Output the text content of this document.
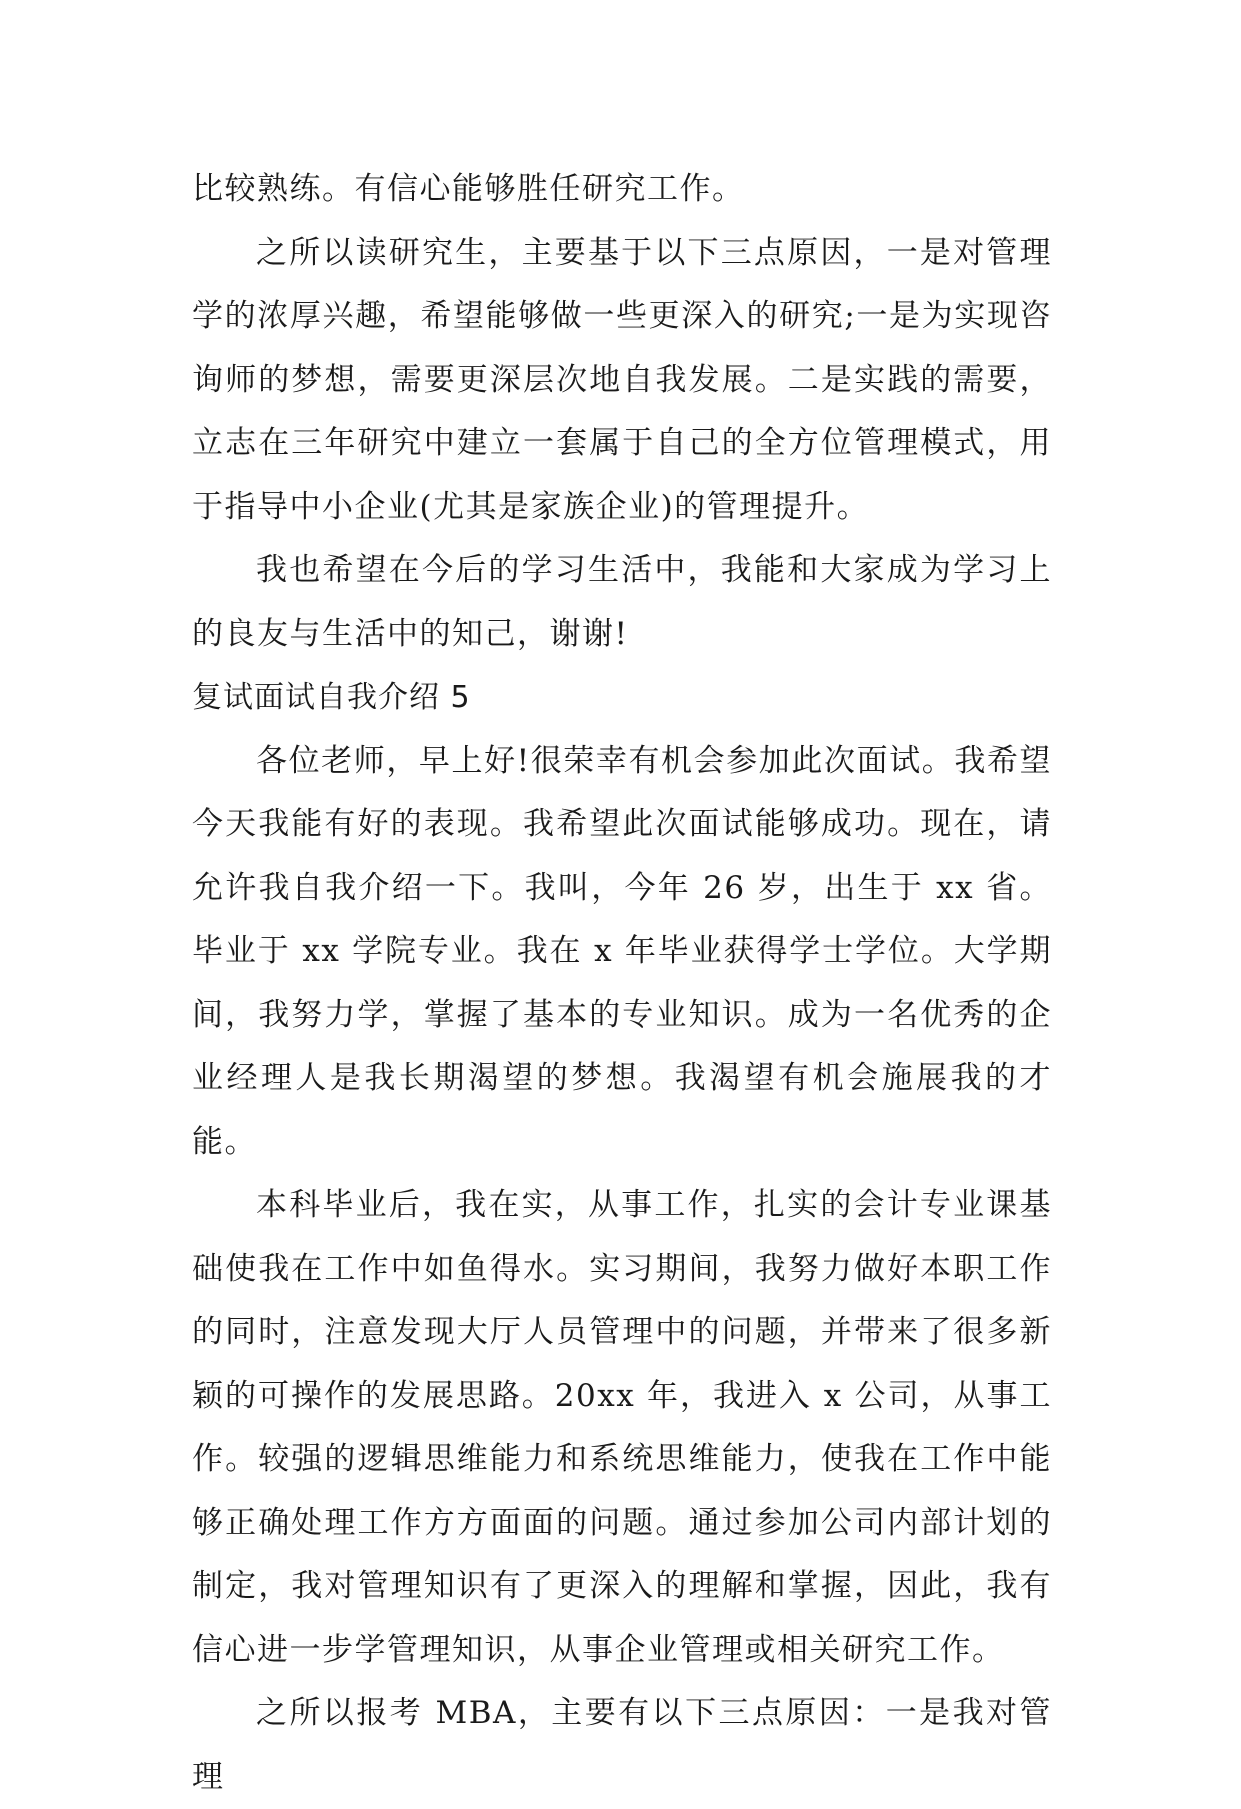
比较熟练。有信心能够胜任研究工作。

之所以读研究生，主要基于以下三点原因，一是对管理学的浓厚兴趣，希望能够做一些更深入的研究;一是为实现咨询师的梦想，需要更深层次地自我发展。二是实践的需要，立志在三年研究中建立一套属于自己的全方位管理模式，用于指导中小企业(尤其是家族企业)的管理提升。

我也希望在今后的学习生活中，我能和大家成为学习上的良友与生活中的知己，谢谢!

复试面试自我介绍 5

各位老师，早上好!很荣幸有机会参加此次面试。我希望今天我能有好的表现。我希望此次面试能够成功。现在，请允许我自我介绍一下。我叫，今年 26 岁，出生于 xx 省。毕业于 xx 学院专业。我在 x 年毕业获得学士学位。大学期间，我努力学，掌握了基本的专业知识。成为一名优秀的企业经理人是我长期渴望的梦想。我渴望有机会施展我的才能。

本科毕业后，我在实，从事工作，扎实的会计专业课基础使我在工作中如鱼得水。实习期间，我努力做好本职工作的同时，注意发现大厅人员管理中的问题，并带来了很多新颖的可操作的发展思路。20xx 年，我进入 x 公司，从事工作。较强的逻辑思维能力和系统思维能力，使我在工作中能够正确处理工作方方面面的问题。通过参加公司内部计划的制定，我对管理知识有了更深入的理解和掌握，因此，我有信心进一步学管理知识，从事企业管理或相关研究工作。

之所以报考 MBA，主要有以下三点原因：一是我对管理
